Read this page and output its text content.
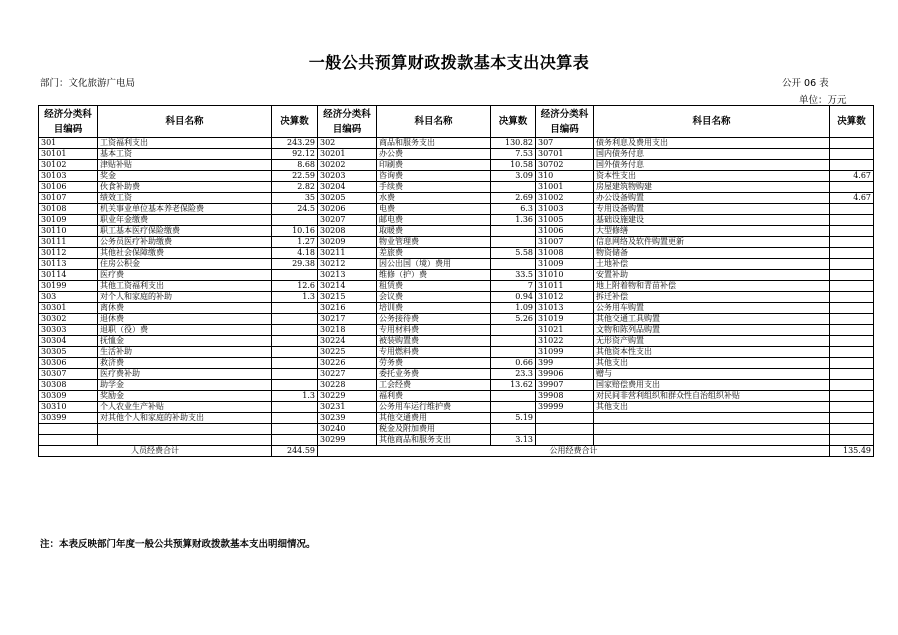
一般公共预算财政拨款基本支出决算表
部门：文化旅游广电局	公开 06 表
单位：万元
经济分类科目编码	科目名称	决算数	经济分类科目编码	科目名称	决算数	经济分类科目编码	科目名称	决算数
301	工资福利支出	243.29	302	商品和服务支出	130.82	307	债务利息及费用支出	
30101	基本工资	92.12	30201	办公费	7.53	30701	国内债务付息	
30102	津贴补贴	8.68	30202	印刷费	10.58	30702	国外债务付息	
30103	奖金	22.59	30203	咨询费	3.09	310	资本性支出	4.67
30106	伙食补助费	2.82	30204	手续费		31001	房屋建筑物购建	
30107	绩效工资	35	30205	水费	2.69	31002	办公设备购置	4.67
30108	机关事业单位基本养老保险费	24.5	30206	电费	6.3	31003	专用设备购置	
30109	职业年金缴费		30207	邮电费	1.36	31005	基础设施建设	
30110	职工基本医疗保险缴费	10.16	30208	取暖费		31006	大型修缮	
30111	公务员医疗补助缴费	1.27	30209	物业管理费		31007	信息网络及软件购置更新	
30112	其他社会保障缴费	4.18	30211	差旅费	5.58	31008	物资储备	
30113	住房公积金	29.38	30212	因公出国（境）费用		31009	土地补偿	
30114	医疗费		30213	维修（护）费	33.5	31010	安置补助	
30199	其他工资福利支出	12.6	30214	租赁费	7	31011	地上附着物和青苗补偿	
303	对个人和家庭的补助	1.3	30215	会议费	0.94	31012	拆迁补偿	
30301	离休费		30216	培训费	1.09	31013	公务用车购置	
30302	退休费		30217	公务接待费	5.26	31019	其他交通工具购置	
30303	退职（役）费		30218	专用材料费		31021	文物和陈列品购置	
30304	抚恤金		30224	被装购置费		31022	无形资产购置	
30305	生活补助		30225	专用燃料费		31099	其他资本性支出	
30306	救济费		30226	劳务费	0.66	399	其他支出	
30307	医疗费补助		30227	委托业务费	23.3	39906	赠与	
30308	助学金		30228	工会经费	13.62	39907	国家赔偿费用支出	
30309	奖励金	1.3	30229	福利费		39908	对民间非营利组织和群众性自治组织补贴	
30310	个人农业生产补贴		30231	公务用车运行维护费		39999	其他支出	
30399	对其他个人和家庭的补助支出		30239	其他交通费用	5.19			
			30240	税金及附加费用				
			30299	其他商品和服务支出	3.13			
人员经费合计		244.59	公用经费合计					135.49
注：本表反映部门年度一般公共预算财政拨款基本支出明细情况。
